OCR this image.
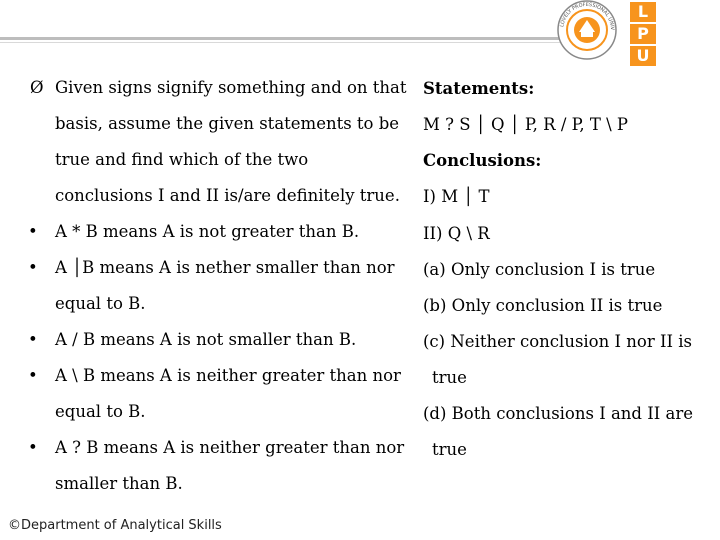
LOVELY PROFESSIONAL UNIV
L
P
U
Ø Given signs signify something and on that
basis, assume the given statements to be
true and find which of the two
conclusions I and II is/are definitely true.
• A * B means A is not greater than B.
• A │B means A is nether smaller than nor
equal to B.
• A / B means A is not smaller than B.
• A \ B means A is neither greater than nor
equal to B.
• A ? B means A is neither greater than nor
smaller than B.
Statements:
M ? S │ Q │ P, R / P, T \ P
Conclusions:
I) M │ T
II) Q \ R
(a) Only conclusion I is true
(b) Only conclusion II is true
(c) Neither conclusion I nor II is
true
(d) Both conclusions I and II are
true
©Department of Analytical Skills
